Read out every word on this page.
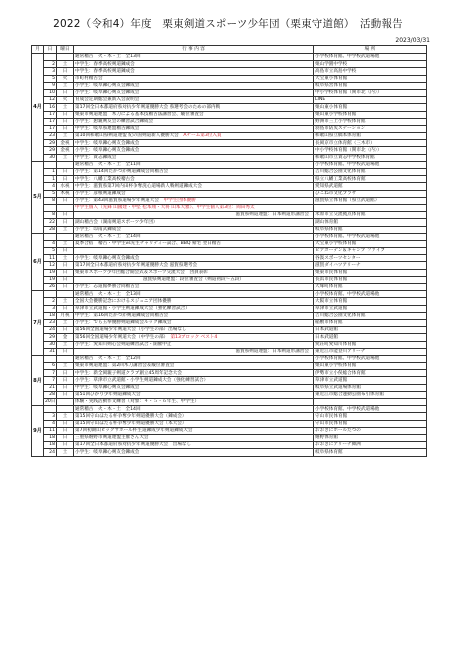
2022（令和4）年度　栗東剣道スポーツ少年団（栗東守道館）　活動報告
2023/03/31
月	日	曜日	行 事 内 容	場 所
4月			通常稽古　火・木・土　全13回	小学校体育館、中学校武道場他
	2	土	中学生：春季高校剣道錬成会	栗山学園中学校
	3	日	中学生：春季高校剣道錬成会	高島市立高島中学校
	5	火	市町村稽古会	大宝東小体育館
	9	土	小学生：岐阜錬心剣友会錬成会	岐阜県営体育館
	10	日	小学生：岐阜錬心剣友会錬成会	中小学校体育館（関市北〈内〉）
	12	火	育成会定期総会兼新入会説明会	LINE
	16	土	第17回全日本都道府県対抗少年剣道優勝大会 県選考会のための部内戦	栗山東小体育館
	17	日	栗東市剣道連盟　木刀による基本技稽古法講習会、級位審査会	栗山東小学校体育館
	17	日	小学生：懇親剣友会の練習試合錬成会	野洲市三上小学校体育館
	17	日	中学生：岐阜県連盟稽古錬成会	羽島市防災ステーション
	23	土	第10回和歌山県剣道連盟 紀の国剣道新人優勝大会　Aチーム第3位入賞	和歌山県立橋本体育館
	29	金祝	中学生：岐阜錬心剣友会錬成会	長岡京市立体育館（三木市）
	29	金祝	小学生：岐阜錬心剣友会錬成会	中小学校体育館（関市北〈内〉）
	30	土	中学生：貴志錬成会	和歌山市立貴志中学校体育館
5月			通常稽古　火・木・土　全11回	小学校体育館、中学校武道場他
	1	日	小学生：第14回たかつが剣道錬成会同稽古会	吉川総合公園文化体育館
	1	日	中学生：八幡工業高校稽古会	県立八幡工業高校体育館
	4	水祝	中学生：滋賀県第7回内田杯争奪洗心道場新人戦剣道錬成大会	愛知県武道館
	5	木祝	小学生：彦根剣道錬成会	ひこね市文化プラザ
	8	日	小学生：第43回滋賀県道場少年剣道大会　中学生団体優勝	滋賀県立体育館（県立武道館）
			中学生個人（先鋒 山國建・中堅 松本翔・大将 山本大雅）、中学生個人第3位：岡田秀太	
	8	日	滋賀県剣道連盟：日本剣道形講習会	米原市立交流拠点体育館
	22	日	湖山稽古会（湖南剣道スポーツ少年団）	湖山体育館
	28	土	小学生：印南式錬成会	岐阜県体育館
6月			通常稽古　火・木・土　全14回	小学校体育館、中学校武道場他
	4	土	夏季合宿　稽古・中学生vs先生チャリティー試合、BBQ 帰宅 翌日稽古	大宝東小学校体育館
	5	日		ピアガーデン＆キャンプ ファイブ
	11	土	小学生：岐阜錬心剣友会錬成会	谷汲スポーツセンター
	12	日	第17回全日本都道府県対抗少年剣道優勝大会 滋賀県選考会	滋賀ダイハツアリーナ
	19	日	栗東市スポーツ少年団総合開会式＆スポーツ交流大会　団員表彰	栗東市民体育館
	19	日	滋賀県剣道連盟：段位審査会（剣道初段〜五段）	長浜市民体育館
	26	日	小学生：志道館夢勝合同稽古会	大塚町体育館
7月			通常稽古　火・木・土　全13回	小学校体育館、中学校武道場他
	2	土	全国大会優勝記念におけるスジュニア団体優勝	大阪市立体育館
	3	日	草津市立武道館・小学生剣道錬成大会（強化練習試合）	草津市立武道館
	18	月祝	中学生：第16回たかつが剣道錬成会同稽古会	吉川総合公園文化体育館
	23	土	小学生：でら玉拳優勝剣道錬成会ルック錬成会	稲敷市体育館
	24	日	第56回全国道場少年剣道大会（小学生の部）出場なし	日本武道館
	29	金	第56回全国道場少年剣道大会（中学生の部）　第13ブロック ベスト4	日本武道館
	30	土	小学生：愛知川剣心会剣道練習試合・開催中止	愛荘町愛知川体育館
	31	日	滋賀県剣道連盟：日本剣道形講習会	東近江市能登川アリーナ
8月			通常稽古　火・木・土　全12回	小学校体育館、中学校武道場他
	6	土	栗東市剣道連盟：第2回木刀講習会＆級位審査会	栗山東小学校体育館
	7	日	中学生：新全岡親子剣道クラブ創立45周年記念大会	伊勢市立小俣総合体育館
	7	日	小学生：草津市立武道館・小学生剣道錬成大会（強化練習試合）	草津市立武道館
	21	日	中学生：岐阜錬心剣友会錬成会	岐阜県立武道場体育館
	28	日	第51回ひかり少年剣道錬成大会	東近江市総合運動公園布引体育館
	20日		体験・実践活動作文練習（対象：４・５・６年生、中学生）	
9月			通常稽古　火・木・土　全14回	小学校体育館、中学校武道場他
	3	土	第15回守山ほたる杯争奪少年剣道優勝大会（錬成会）	守山市民体育館
	4	日	第15回守山ほたる杯争奪少年剣道優勝大会（本大会）	守山市民体育館
	11	日	第7回初期山ビックサホール杯生道錬成少年剣道錬成大会	おおきにホールたつの
	18	日	三重県嬉野市剣道連盟主催さん大会	嬉野体育館
	18	日	第17回全日本都道府県対抗少年剣道優勝大会　出場なし	おおきにアリーナ舞洲
	24	土	小学生：岐阜錬心剣友会錬成会	岐阜県体育館
